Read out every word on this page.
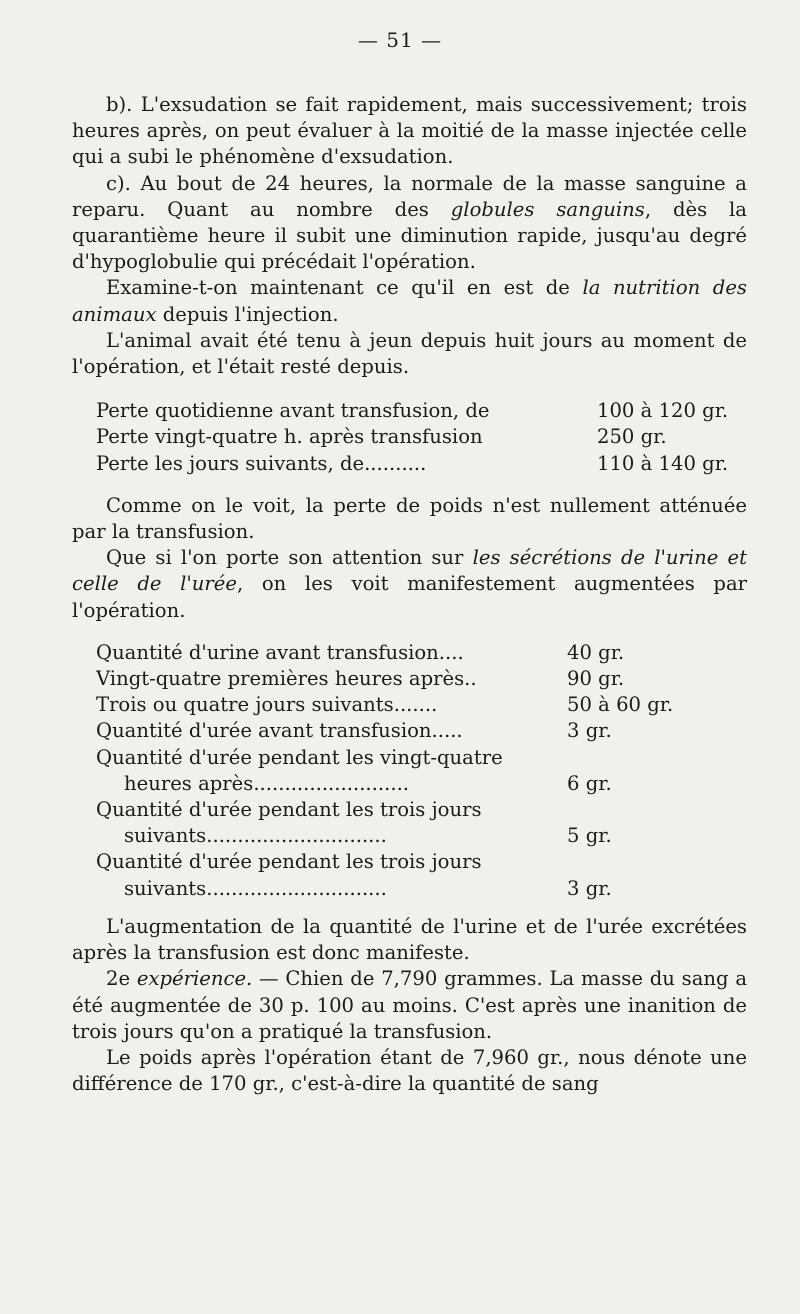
— 51 —

b). L'exsudation se fait rapidement, mais successivement; trois heures après, on peut évaluer à la moitié de la masse injectée celle qui a subi le phénomène d'exsudation.

c). Au bout de 24 heures, la normale de la masse sanguine a reparu. Quant au nombre des globules sanguins, dès la quarantième heure il subit une diminution rapide, jusqu'au degré d'hypoglobulie qui précédait l'opération.

Examine-t-on maintenant ce qu'il en est de la nutrition des animaux depuis l'injection.

L'animal avait été tenu à jeun depuis huit jours au moment de l'opération, et l'était resté depuis.

Perte quotidienne avant transfusion, de	100 à 120 gr.
Perte vingt-quatre h. après transfusion	250 gr.
Perte les jours suivants, de..........	110 à 140 gr.

Comme on le voit, la perte de poids n'est nullement atténuée par la transfusion.

Que si l'on porte son attention sur les sécrétions de l'urine et celle de l'urée, on les voit manifestement augmentées par l'opération.

Quantité d'urine avant transfusion....	40 gr.
Vingt-quatre premières heures après..	90 gr.
Trois ou quatre jours suivants.......	50 à 60 gr.
Quantité d'urée avant transfusion.....	3 gr.
Quantité d'urée pendant les vingt-quatre
heures après.........................	6 gr.
Quantité d'urée pendant les trois jours
suivants.............................	5 gr.
Quantité d'urée pendant les trois jours
suivants.............................	3 gr.

L'augmentation de la quantité de l'urine et de l'urée excrétées après la transfusion est donc manifeste.

2e expérience. — Chien de 7,790 grammes. La masse du sang a été augmentée de 30 p. 100 au moins. C'est après une inanition de trois jours qu'on a pratiqué la transfusion.

Le poids après l'opération étant de 7,960 gr., nous dénote une différence de 170 gr., c'est-à-dire la quantité de sang
